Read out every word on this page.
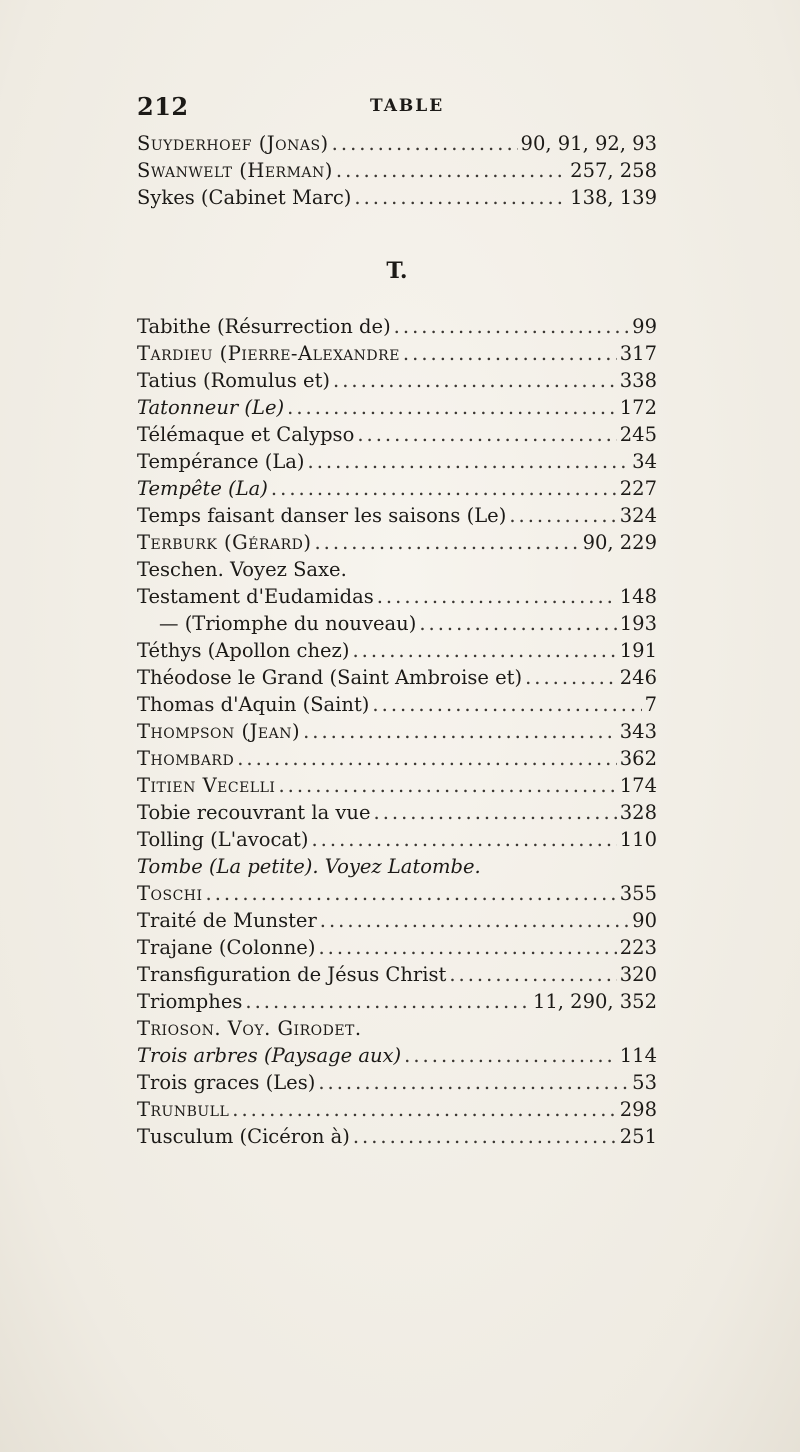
212	TABLE
Suyderhoef (Jonas) .....	90, 91, 92, 93
Swanwelt (Herman) .....	257, 258
Sykes (Cabinet Marc) .....	138, 139
T.
Tabithe (Résurrection de) .....	99
Tardieu (Pierre-Alexandre .....	317
Tatius (Romulus et) .....	338
Tatonneur (Le) .....	172
Télémaque et Calypso .....	245
Tempérance (La) .....	34
Tempête (La) .....	227
Temps faisant danser les saisons (Le) .....	324
Terburk (Gérard) .....	90, 229
Teschen. Voyez Saxe.
Testament d'Eudamidas .....	148
— (Triomphe du nouveau) .....	193
Téthys (Apollon chez) .....	191
Théodose le Grand (Saint Ambroise et) .....	246
Thomas d'Aquin (Saint) .....	7
Thompson (Jean) .....	343
Thombard .....	362
Titien Vecelli .....	174
Tobie recouvrant la vue .....	328
Tolling (L'avocat) .....	110
Tombe (La petite). Voyez Latombe.
Toschi .....	355
Traité de Munster .....	90
Trajane (Colonne) .....	223
Transfiguration de Jésus Christ .....	320
Triomphes .....	11, 290, 352
Trioson. Voy. Girodet.
Trois arbres (Paysage aux) .....	114
Trois graces (Les) .....	53
Trunbull .....	298
Tusculum (Cicéron à) .....	251
